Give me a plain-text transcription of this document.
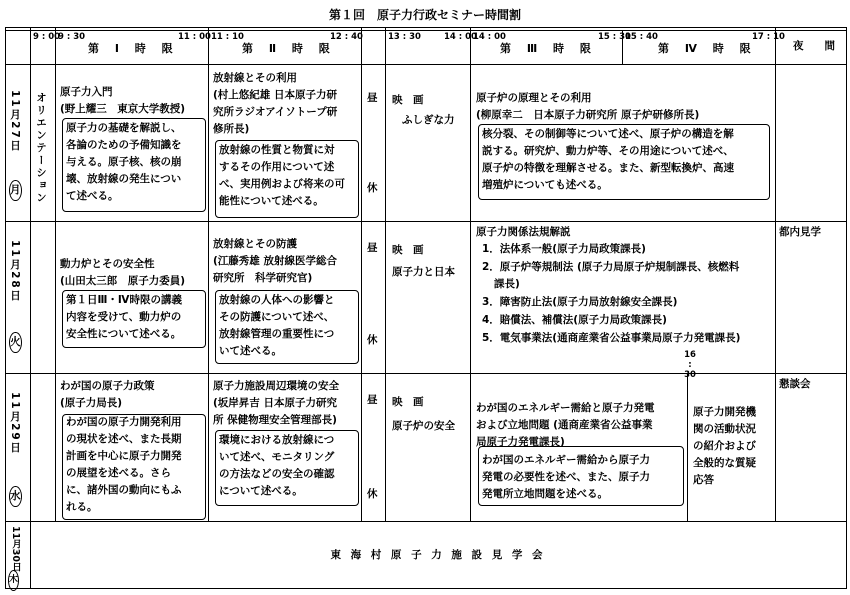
第１回　原子力行政セミナー時間割
9 : 00
9 : 30
第 Ⅰ 時 限
11 : 00 11 : 10
第 Ⅱ 時 限
12 : 40	13 : 30	14 : 00
14 : 00
第 Ⅲ 時 限
15 : 30
15 : 40
第 Ⅳ 時 限
17 : 10
夜　　間
オリエンテーション
11月27日
月
原子力入門
(野上耀三　東京大学教授)
原子力の基礎を解説し、
各論のための予備知識を
与える。原子核、核の崩
壊、放射線の発生につい
て述べる。
放射線とその利用
(村上悠紀雄 日本原子力研
究所ラジオアイソトープ研
修所長)
放射線の性質と物質に対
するその作用について述
べ、実用例および将来の可
能性について述べる。
昼
休
映　画
ふしぎな力
原子炉の原理とその利用
(柳原幸二　日本原子力研究所 原子炉研修所長)
核分裂、その制御等について述べ、原子炉の構造を解
説する。研究炉、動力炉等、その用途について述べ、
原子炉の特徴を理解させる。また、新型転換炉、高速
増殖炉についても述べる。
11月28日
火
動力炉とその安全性
(山田太三郎　原子力委員)
第１日Ⅲ・Ⅳ時限の講義
内容を受けて、動力炉の
安全性について述べる。
放射線とその防護
(江藤秀雄 放射線医学総合
研究所　科学研究官)
放射線の人体への影響と
その防護について述べ、
放射線管理の重要性につ
いて述べる。
昼
休
映　画
原子力と日本
原子力関係法規解説
1．法体系一般(原子力局政策課長)
2．原子炉等規制法 (原子力局原子炉規制課長、核燃料
課長)
3．障害防止法(原子力局放射線安全課長)
4．賠償法、補償法(原子力局政策課長)
5．電気事業法(通商産業省公益事業局原子力発電課長)
16 : 30
都内見学
11月29日
水
わが国の原子力政策
(原子力局長)
わが国の原子力開発利用
の現状を述べ、また長期
計画を中心に原子力開発
の展望を述べる。さら
に、諸外国の動向にもふ
れる。
原子力施設周辺環境の安全
(坂岸昇吉 日本原子力研究
所 保健物理安全管理部長)
環境における放射線につ
いて述べ、モニタリング
の方法などの安全の確認
について述べる。
昼
休
映　画
原子炉の安全
わが国のエネルギー需給と原子力発電
および立地問題 (通商産業省公益事業
局原子力発電課長)
わが国のエネルギー需給から原子力
発電の必要性を述べ、また、原子力
発電所立地問題を述べる。
原子力開発機
関の活動状況
の紹介および
全般的な質疑
応答
懇談会
11月30日
木
東 海 村 原 子 力 施 設 見 学 会
